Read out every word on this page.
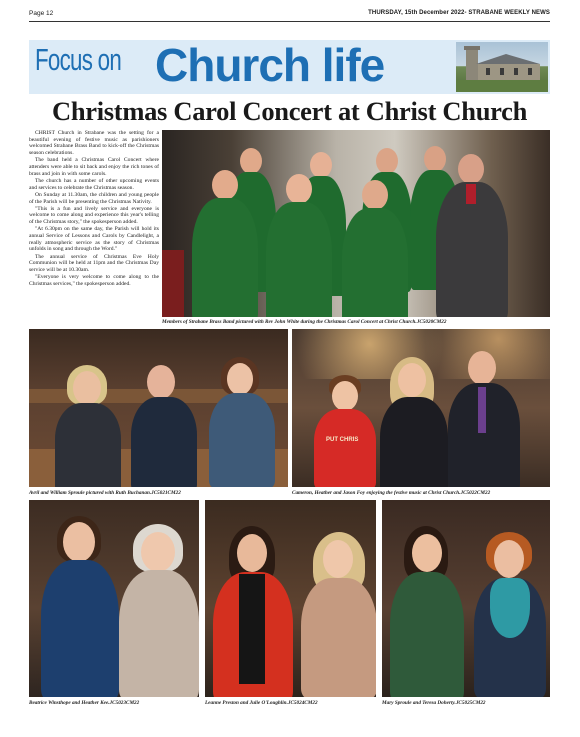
Page 12	THURSDAY, 15th December 2022- STRABANE WEEKLY NEWS
Focus on Church life
Christmas Carol Concert at Christ Church

CHRIST Church in Strabane was the setting for a beautiful evening of festive music as parishioners welcomed Strabane Brass Band to kick-off the Christmas season celebrations.

The band held a Christmas Carol Concert where attenders were able to sit back and enjoy the rich tones of brass and join in with some carols.

The church has a number of other upcoming events and services to celebrate the Christmas season.

On Sunday at 11.30am, the children and young people of the Parish will be presenting the Christmas Nativity.

"This is a fun and lively service and everyone is welcome to come along and experience this year's telling of the Christmas story," the spokesperson added.

"At 6.30pm on the same day, the Parish will hold its annual Service of Lessons and Carols by Candlelight, a really atmospheric service as the story of Christmas unfolds in song and through the Word."

The annual service of Christmas Eve Holy Communion will be held at 11pm and the Christmas Day service will be at 10.30am.

"Everyone is very welcome to come along to the Christmas services," the spokesperson added.

Members of Strabane Brass Band pictured with Rev John White during the Christmas Carol Concert at Christ Church.JC5020CM22
Avril and William Sproule pictured with Ruth Buchanan.JC5021CM22
PUT CHRIS
Cameron, Heather and Jason Foy enjoying the festive music at Christ Church.JC5022CM22
Beatrice Winsthope and Heather Kee.JC5023CM22	Leanne Preston and Julie O'Loughlin.JC5024CM22	Mary Sproule and Teresa Doherty.JC5025CM22
